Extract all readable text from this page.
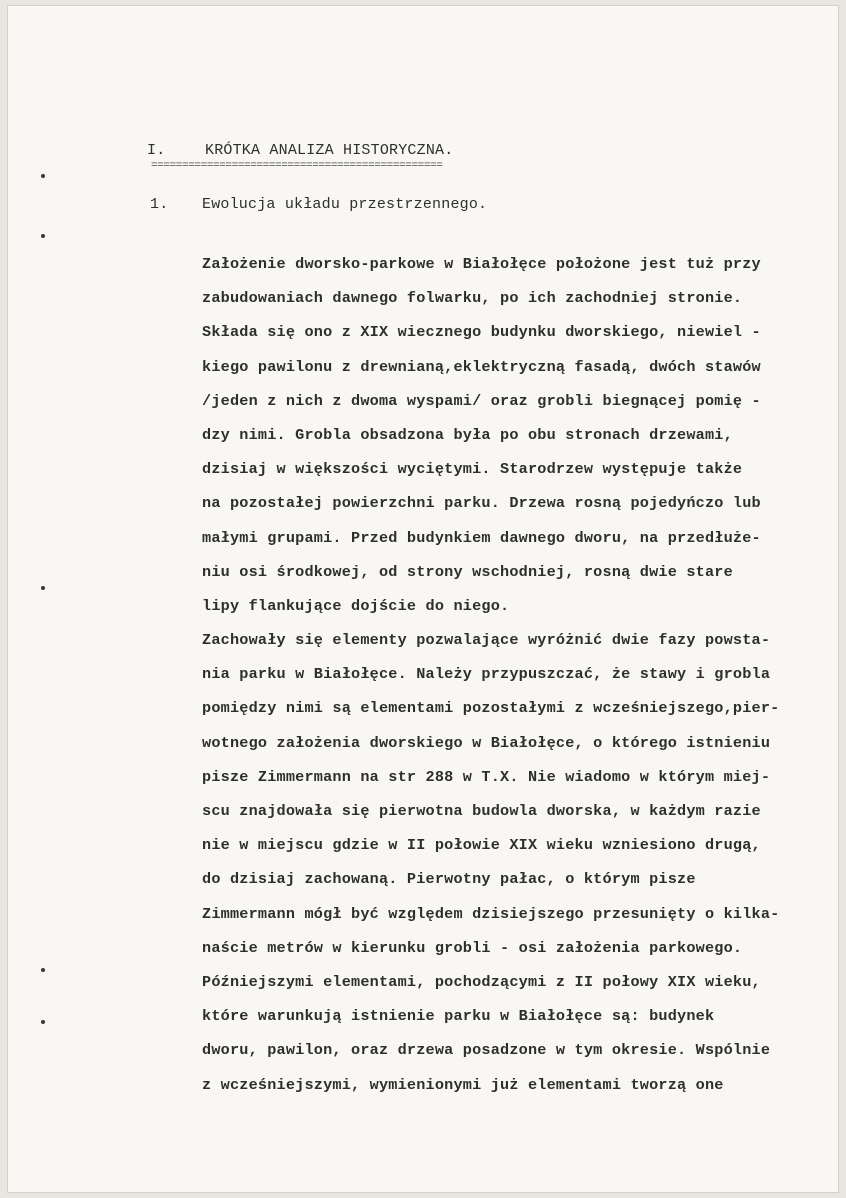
I.	KRÓTKA ANALIZA HISTORYCZNA.
===============================================
1. Ewolucja układu przestrzennego.
Założenie dworsko-parkowe w Białołęce położone jest tuż przy
zabudowaniach dawnego folwarku, po ich zachodniej stronie.
Składa się ono z XIX wiecznego budynku dworskiego, niewiel -
kiego pawilonu z drewnianą,eklektryczną fasadą, dwóch stawów
/jeden z nich z dwoma wyspami/ oraz grobli biegnącej pomię -
dzy nimi. Grobla obsadzona była po obu stronach drzewami,
dzisiaj w większości wyciętymi. Starodrzew występuje także
na pozostałej powierzchni parku. Drzewa rosną pojedyńczo lub
małymi grupami. Przed budynkiem dawnego dworu, na przedłuże-
niu osi środkowej, od strony wschodniej, rosną dwie stare
lipy flankujące dojście do niego.
Zachowały się elementy pozwalające wyróżnić dwie fazy powsta-
nia parku w Białołęce. Należy przypuszczać, że stawy i grobla
pomiędzy nimi są elementami pozostałymi z wcześniejszego,pier-
wotnego założenia dworskiego w Białołęce, o którego istnieniu
pisze Zimmermann na str 288 w T.X. Nie wiadomo w którym miej-
scu znajdowała się pierwotna budowla dworska, w każdym razie
nie w miejscu gdzie w II połowie XIX wieku wzniesiono drugą,
do dzisiaj zachowaną. Pierwotny pałac, o którym pisze
Zimmermann mógł być względem dzisiejszego przesunięty o kilka-
naście metrów w kierunku grobli - osi założenia parkowego.
Późniejszymi elementami, pochodzącymi z II połowy XIX wieku,
które warunkują istnienie parku w Białołęce są: budynek
dworu, pawilon, oraz drzewa posadzone w tym okresie. Wspólnie
z wcześniejszymi, wymienionymi już elementami tworzą one
